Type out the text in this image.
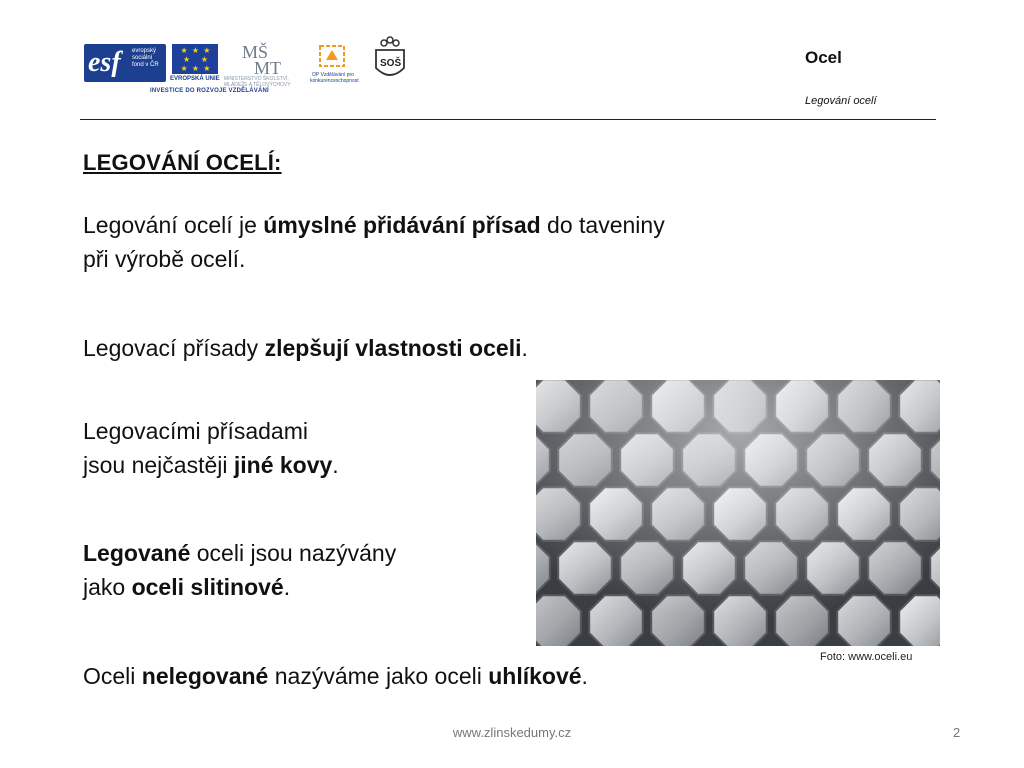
esf evropský sociální fond v ČR
★ ★ ★
★   ★
★ ★ ★
EVROPSKÁ UNIE
INVESTICE DO ROZVOJE VZDĚLÁVÁNÍ
MŠ
MT
MINISTERSTVO ŠKOLSTVÍ, MLÁDEŽE A TĚLOVÝCHOVY
OP Vzdělávání pro konkurenceschopnost
SOŠ	Ocel
Legování ocelí
LEGOVÁNÍ OCELÍ:
Legování ocelí je úmyslné přidávání přísad do taveniny
při výrobě ocelí.
Legovací přísady zlepšují vlastnosti oceli.
Legovacími přísadami
jsou nejčastěji jiné kovy.
Legované oceli jsou nazývány
jako oceli slitinové.
Oceli nelegované nazýváme jako oceli uhlíkové.
Foto: www.oceli.eu
www.zlinskedumy.cz	2
